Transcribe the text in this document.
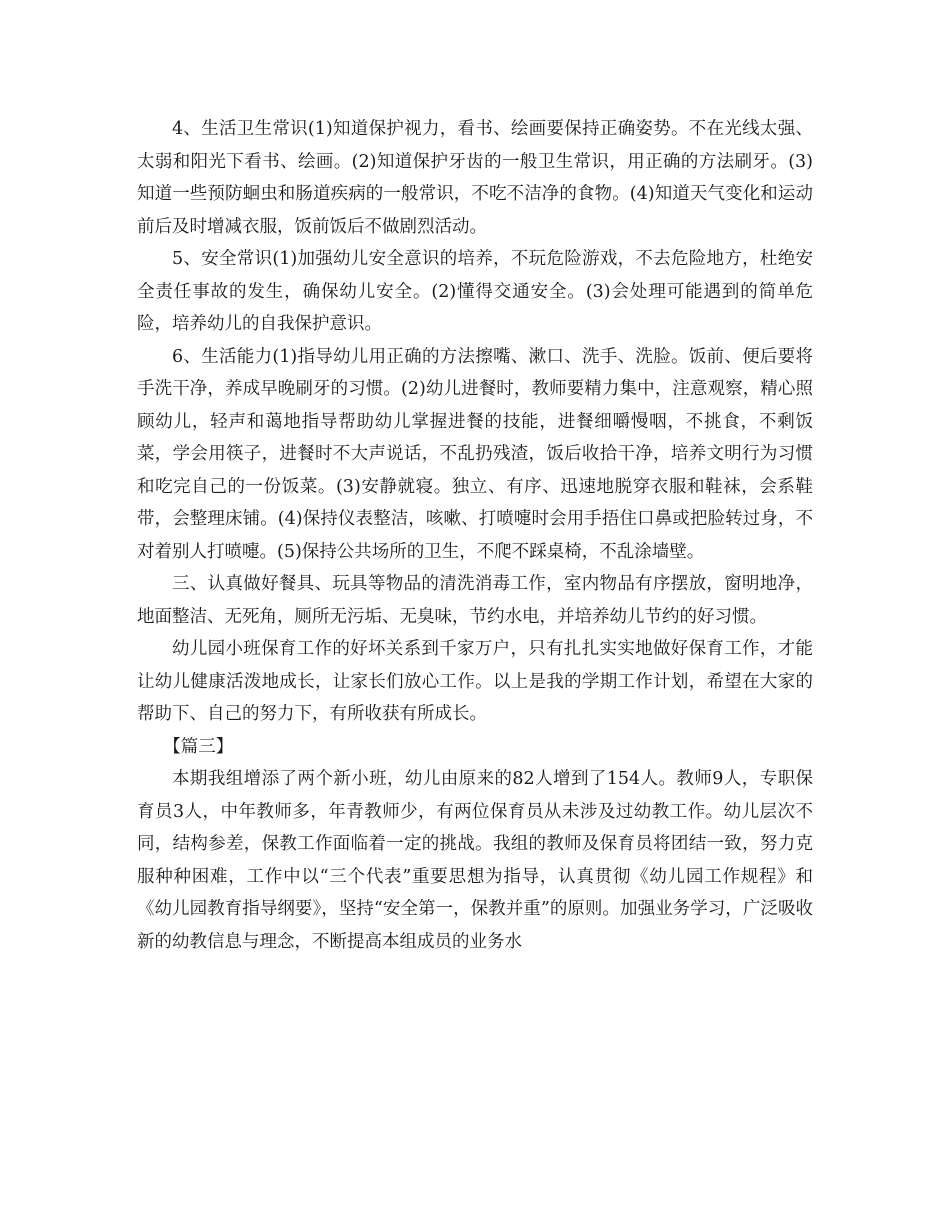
4、生活卫生常识(1)知道保护视力，看书、绘画要保持正确姿势。不在光线太强、太弱和阳光下看书、绘画。(2)知道保护牙齿的一般卫生常识，用正确的方法刷牙。(3)知道一些预防蛔虫和肠道疾病的一般常识，不吃不洁净的食物。(4)知道天气变化和运动前后及时增减衣服，饭前饭后不做剧烈活动。

5、安全常识(1)加强幼儿安全意识的培养，不玩危险游戏，不去危险地方，杜绝安全责任事故的发生，确保幼儿安全。(2)懂得交通安全。(3)会处理可能遇到的简单危险，培养幼儿的自我保护意识。

6、生活能力(1)指导幼儿用正确的方法擦嘴、漱口、洗手、洗脸。饭前、便后要将手洗干净，养成早晚刷牙的习惯。(2)幼儿进餐时，教师要精力集中，注意观察，精心照顾幼儿，轻声和蔼地指导帮助幼儿掌握进餐的技能，进餐细嚼慢咽，不挑食，不剩饭菜，学会用筷子，进餐时不大声说话，不乱扔残渣，饭后收拾干净，培养文明行为习惯和吃完自己的一份饭菜。(3)安静就寝。独立、有序、迅速地脱穿衣服和鞋袜，会系鞋带，会整理床铺。(4)保持仪表整洁，咳嗽、打喷嚏时会用手捂住口鼻或把脸转过身，不对着别人打喷嚏。(5)保持公共场所的卫生，不爬不踩桌椅，不乱涂墙壁。

三、认真做好餐具、玩具等物品的清洗消毒工作，室内物品有序摆放，窗明地净，地面整洁、无死角，厕所无污垢、无臭味，节约水电，并培养幼儿节约的好习惯。

幼儿园小班保育工作的好坏关系到千家万户，只有扎扎实实地做好保育工作，才能让幼儿健康活泼地成长，让家长们放心工作。以上是我的学期工作计划，希望在大家的帮助下、自己的努力下，有所收获有所成长。

【篇三】

本期我组增添了两个新小班，幼儿由原来的82人增到了154人。教师9人，专职保育员3人，中年教师多，年青教师少，有两位保育员从未涉及过幼教工作。幼儿层次不同，结构参差，保教工作面临着一定的挑战。我组的教师及保育员将团结一致，努力克服种种困难，工作中以“三个代表”重要思想为指导，认真贯彻《幼儿园工作规程》和《幼儿园教育指导纲要》，坚持“安全第一，保教并重”的原则。加强业务学习，广泛吸收新的幼教信息与理念，不断提高本组成员的业务水
